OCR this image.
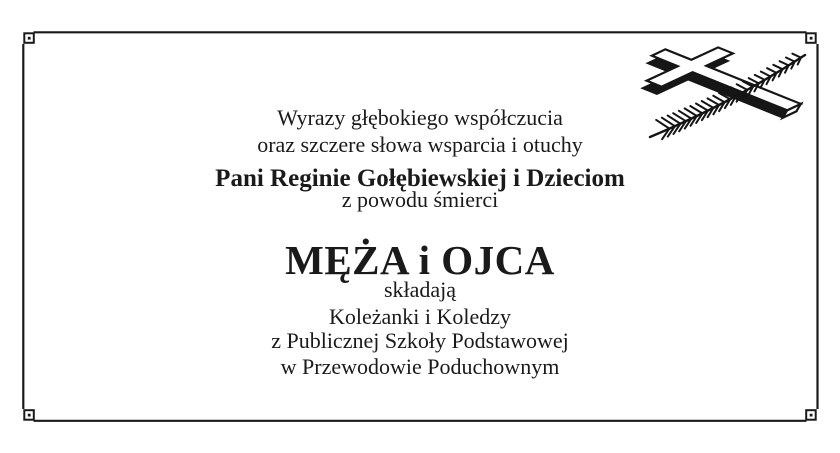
Wyrazy głębokiego współczucia

oraz szczere słowa wsparcia i otuchy

Pani Reginie Gołębiewskiej i Dzieciom

z powodu śmierci

MĘŻA i OJCA

składają

Koleżanki i Koledzy

z Publicznej Szkoły Podstawowej

w Przewodowie Poduchownym
